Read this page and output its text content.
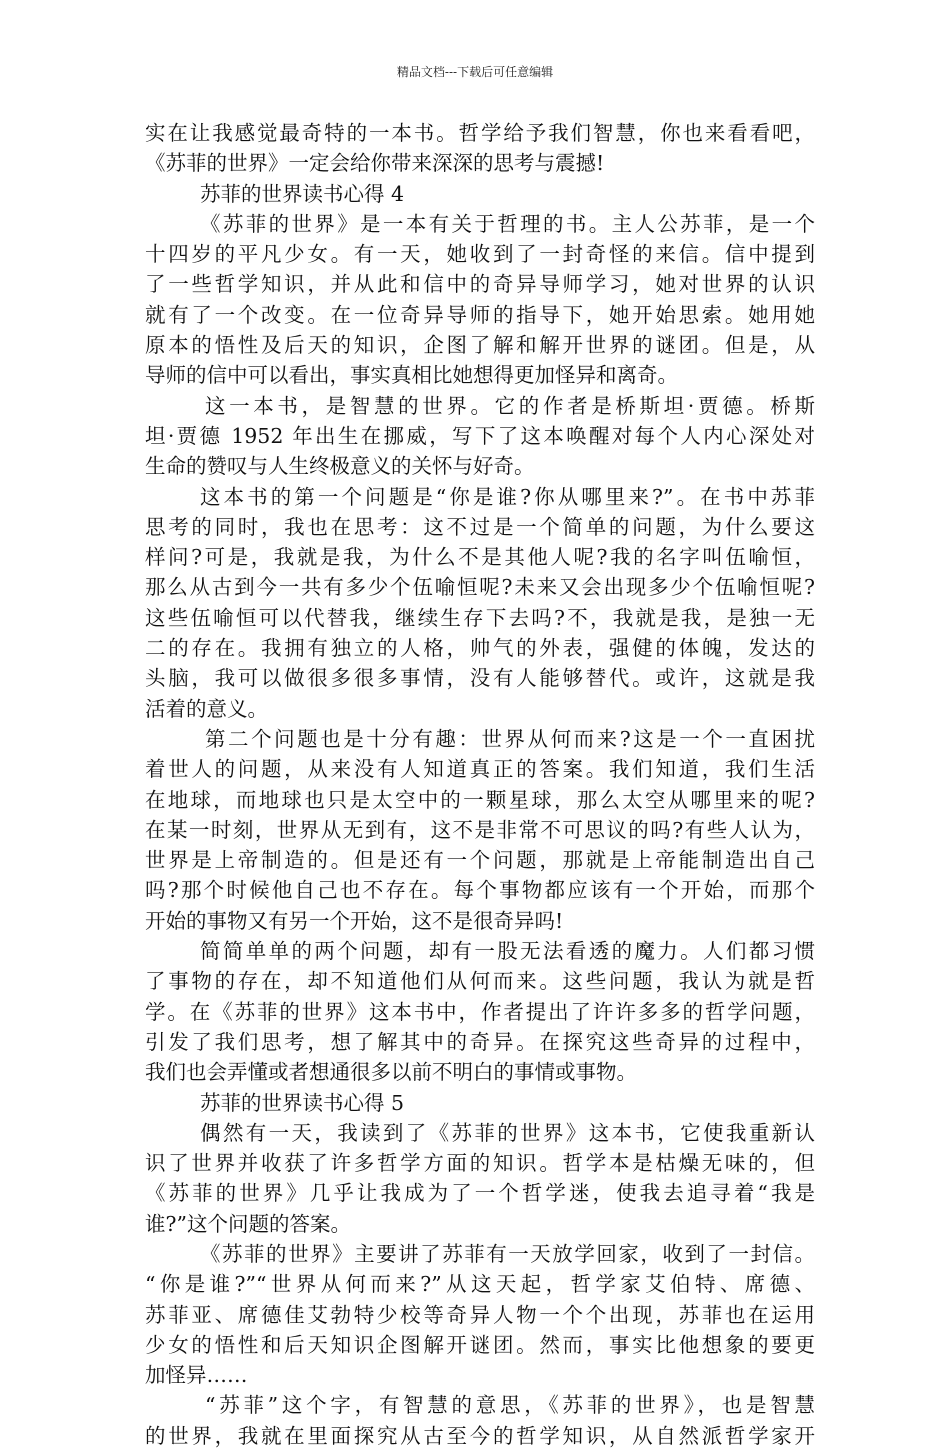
精品文档---下载后可任意编辑
实在让我感觉最奇特的一本书。哲学给予我们智慧，你也来看看吧，
《苏菲的世界》一定会给你带来深深的思考与震撼!
苏菲的世界读书心得 4
《苏菲的世界》是一本有关于哲理的书。主人公苏菲，是一个
十四岁的平凡少女。有一天，她收到了一封奇怪的来信。信中提到
了一些哲学知识，并从此和信中的奇异导师学习，她对世界的认识
就有了一个改变。在一位奇异导师的指导下，她开始思索。她用她
原本的悟性及后天的知识，企图了解和解开世界的谜团。但是，从
导师的信中可以看出，事实真相比她想得更加怪异和离奇。
这一本书，是智慧的世界。它的作者是桥斯坦·贾德。桥斯
坦·贾德 1952 年出生在挪威，写下了这本唤醒对每个人内心深处对
生命的赞叹与人生终极意义的关怀与好奇。
这本书的第一个问题是“你是谁?你从哪里来?”。在书中苏菲
思考的同时，我也在思考：这不过是一个简单的问题，为什么要这
样问?可是，我就是我，为什么不是其他人呢?我的名字叫伍喻恒，
那么从古到今一共有多少个伍喻恒呢?未来又会出现多少个伍喻恒呢?
这些伍喻恒可以代替我，继续生存下去吗?不，我就是我，是独一无
二的存在。我拥有独立的人格，帅气的外表，强健的体魄，发达的
头脑，我可以做很多很多事情，没有人能够替代。或许，这就是我
活着的意义。
第二个问题也是十分有趣：世界从何而来?这是一个一直困扰
着世人的问题，从来没有人知道真正的答案。我们知道，我们生活
在地球，而地球也只是太空中的一颗星球，那么太空从哪里来的呢?
在某一时刻，世界从无到有，这不是非常不可思议的吗?有些人认为，
世界是上帝制造的。但是还有一个问题，那就是上帝能制造出自己
吗?那个时候他自己也不存在。每个事物都应该有一个开始，而那个
开始的事物又有另一个开始，这不是很奇异吗!
简简单单的两个问题，却有一股无法看透的魔力。人们都习惯
了事物的存在，却不知道他们从何而来。这些问题，我认为就是哲
学。在《苏菲的世界》这本书中，作者提出了许许多多的哲学问题，
引发了我们思考，想了解其中的奇异。在探究这些奇异的过程中，
我们也会弄懂或者想通很多以前不明白的事情或事物。
苏菲的世界读书心得 5
偶然有一天，我读到了《苏菲的世界》这本书，它使我重新认
识了世界并收获了许多哲学方面的知识。哲学本是枯燥无味的，但
《苏菲的世界》几乎让我成为了一个哲学迷，使我去追寻着“我是
谁?”这个问题的答案。
《苏菲的世界》主要讲了苏菲有一天放学回家，收到了一封信。
“你是谁?”“世界从何而来?”从这天起，哲学家艾伯特、席德、
苏菲亚、席德佳艾勃特少校等奇异人物一个个出现，苏菲也在运用
少女的悟性和后天知识企图解开谜团。然而，事实比他想象的要更
加怪异……
“苏菲”这个字，有智慧的意思，《苏菲的世界》，也是智慧
的世界，我就在里面探究从古至今的哲学知识，从自然派哲学家开
